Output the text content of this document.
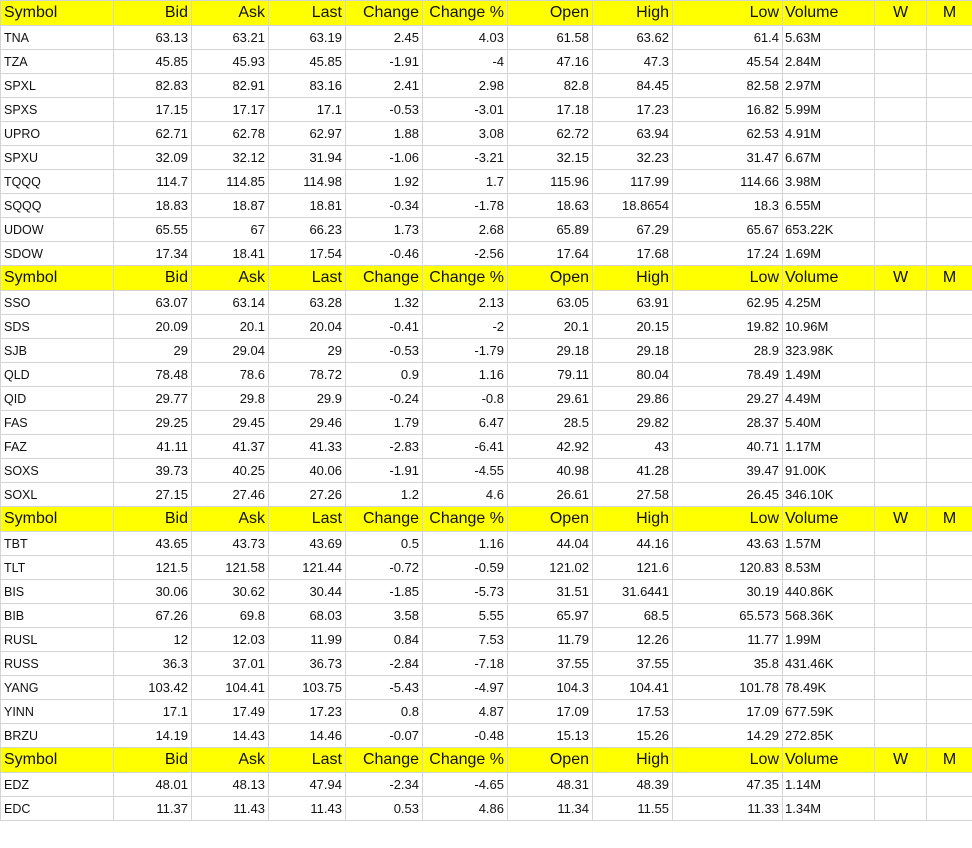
Symbol	Bid	Ask	Last	Change	Change %	Open	High	Low	Volume	W	M
TNA	63.13	63.21	63.19	2.45	4.03	61.58	63.62	61.4	5.63M		
TZA	45.85	45.93	45.85	-1.91	-4	47.16	47.3	45.54	2.84M		
SPXL	82.83	82.91	83.16	2.41	2.98	82.8	84.45	82.58	2.97M		
SPXS	17.15	17.17	17.1	-0.53	-3.01	17.18	17.23	16.82	5.99M		
UPRO	62.71	62.78	62.97	1.88	3.08	62.72	63.94	62.53	4.91M		
SPXU	32.09	32.12	31.94	-1.06	-3.21	32.15	32.23	31.47	6.67M		
TQQQ	114.7	114.85	114.98	1.92	1.7	115.96	117.99	114.66	3.98M		
SQQQ	18.83	18.87	18.81	-0.34	-1.78	18.63	18.8654	18.3	6.55M		
UDOW	65.55	67	66.23	1.73	2.68	65.89	67.29	65.67	653.22K		
SDOW	17.34	18.41	17.54	-0.46	-2.56	17.64	17.68	17.24	1.69M		
Symbol	Bid	Ask	Last	Change	Change %	Open	High	Low	Volume	W	M
SSO	63.07	63.14	63.28	1.32	2.13	63.05	63.91	62.95	4.25M		
SDS	20.09	20.1	20.04	-0.41	-2	20.1	20.15	19.82	10.96M		
SJB	29	29.04	29	-0.53	-1.79	29.18	29.18	28.9	323.98K		
QLD	78.48	78.6	78.72	0.9	1.16	79.11	80.04	78.49	1.49M		
QID	29.77	29.8	29.9	-0.24	-0.8	29.61	29.86	29.27	4.49M		
FAS	29.25	29.45	29.46	1.79	6.47	28.5	29.82	28.37	5.40M		
FAZ	41.11	41.37	41.33	-2.83	-6.41	42.92	43	40.71	1.17M		
SOXS	39.73	40.25	40.06	-1.91	-4.55	40.98	41.28	39.47	91.00K		
SOXL	27.15	27.46	27.26	1.2	4.6	26.61	27.58	26.45	346.10K		
Symbol	Bid	Ask	Last	Change	Change %	Open	High	Low	Volume	W	M
TBT	43.65	43.73	43.69	0.5	1.16	44.04	44.16	43.63	1.57M		
TLT	121.5	121.58	121.44	-0.72	-0.59	121.02	121.6	120.83	8.53M		
BIS	30.06	30.62	30.44	-1.85	-5.73	31.51	31.6441	30.19	440.86K		
BIB	67.26	69.8	68.03	3.58	5.55	65.97	68.5	65.573	568.36K		
RUSL	12	12.03	11.99	0.84	7.53	11.79	12.26	11.77	1.99M		
RUSS	36.3	37.01	36.73	-2.84	-7.18	37.55	37.55	35.8	431.46K		
YANG	103.42	104.41	103.75	-5.43	-4.97	104.3	104.41	101.78	78.49K		
YINN	17.1	17.49	17.23	0.8	4.87	17.09	17.53	17.09	677.59K		
BRZU	14.19	14.43	14.46	-0.07	-0.48	15.13	15.26	14.29	272.85K		
Symbol	Bid	Ask	Last	Change	Change %	Open	High	Low	Volume	W	M
EDZ	48.01	48.13	47.94	-2.34	-4.65	48.31	48.39	47.35	1.14M		
EDC	11.37	11.43	11.43	0.53	4.86	11.34	11.55	11.33	1.34M		
